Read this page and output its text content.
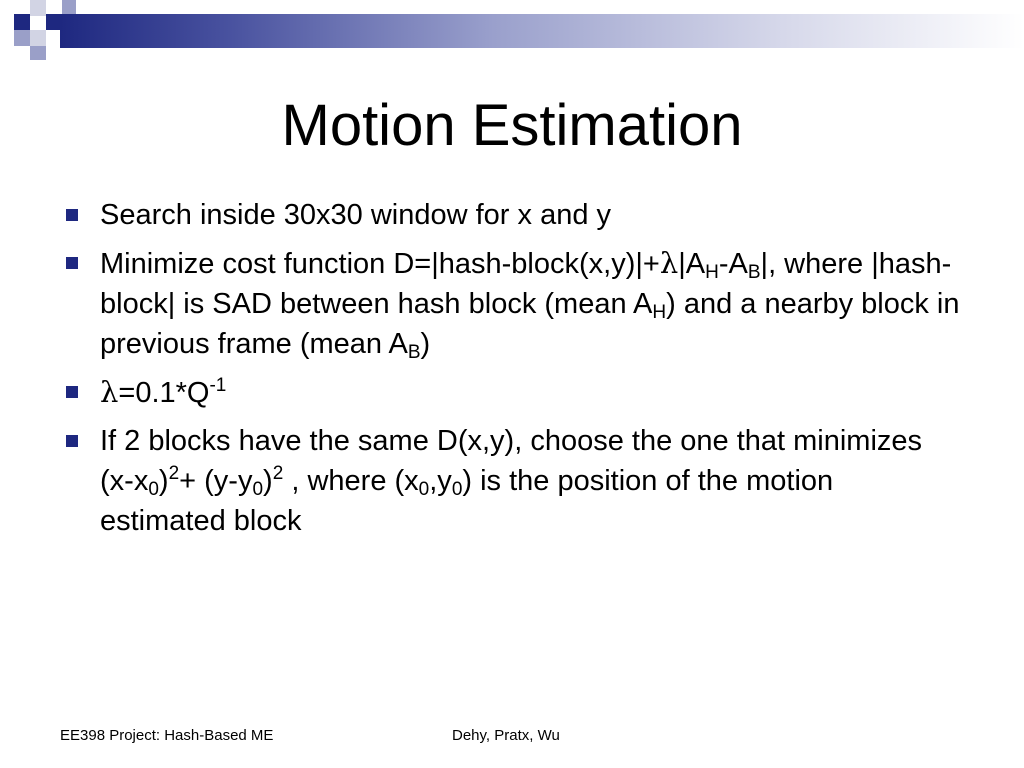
Motion Estimation
Search inside 30x30 window for x and y
Minimize cost function $D=|hash-block(x,y)|+\lambda|A_H-A_B|$, where |hash-block| is SAD between hash block (mean $A_H$) and a nearby block in previous frame (mean $A_B$)
$\lambda=0.1*Q^{-1}$
If 2 blocks have the same D(x,y), choose the one that minimizes $(x-x_0)^2+ (y-y_0)^2$ , where $(x_0,y_0)$ is the position of the motion estimated block
EE398 Project: Hash-Based ME	Dehy, Pratx, Wu
